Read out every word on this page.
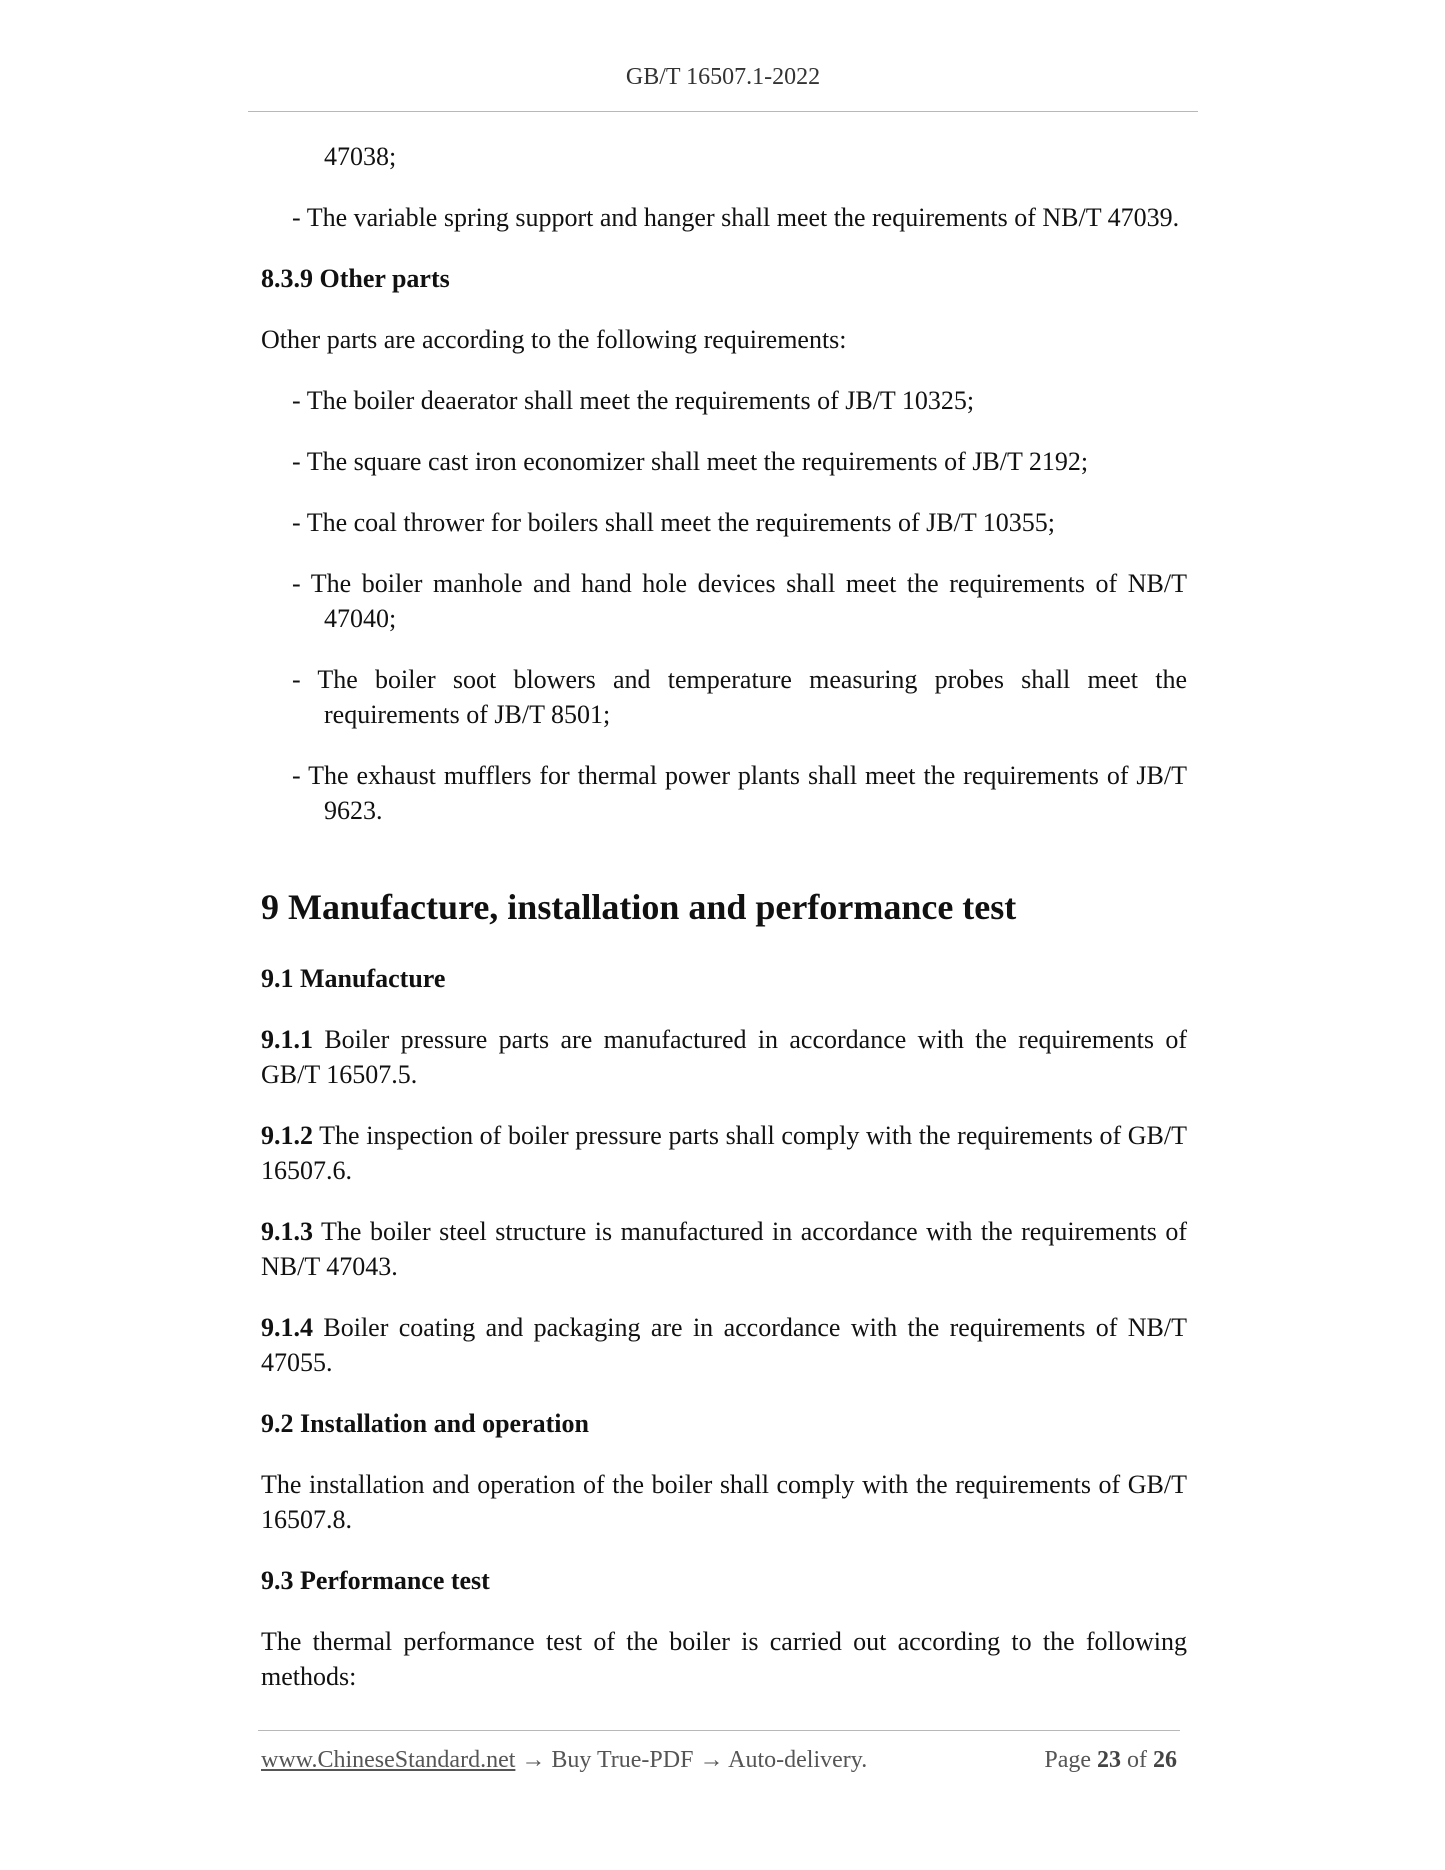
GB/T 16507.1-2022

47038;

- The variable spring support and hanger shall meet the requirements of NB/T 47039.

8.3.9 Other parts

Other parts are according to the following requirements:

- The boiler deaerator shall meet the requirements of JB/T 10325;

- The square cast iron economizer shall meet the requirements of JB/T 2192;

- The coal thrower for boilers shall meet the requirements of JB/T 10355;

- The boiler manhole and hand hole devices shall meet the requirements of NB/T 47040;

- The boiler soot blowers and temperature measuring probes shall meet the requirements of JB/T 8501;

- The exhaust mufflers for thermal power plants shall meet the requirements of JB/T 9623.

9 Manufacture, installation and performance test

9.1 Manufacture

9.1.1 Boiler pressure parts are manufactured in accordance with the requirements of GB/T 16507.5.

9.1.2 The inspection of boiler pressure parts shall comply with the requirements of GB/T 16507.6.

9.1.3 The boiler steel structure is manufactured in accordance with the requirements of NB/T 47043.

9.1.4 Boiler coating and packaging are in accordance with the requirements of NB/T 47055.

9.2 Installation and operation

The installation and operation of the boiler shall comply with the requirements of GB/T 16507.8.

9.3 Performance test

The thermal performance test of the boiler is carried out according to the following methods:

www.ChineseStandard.net → Buy True-PDF → Auto-delivery.	Page 23 of 26
